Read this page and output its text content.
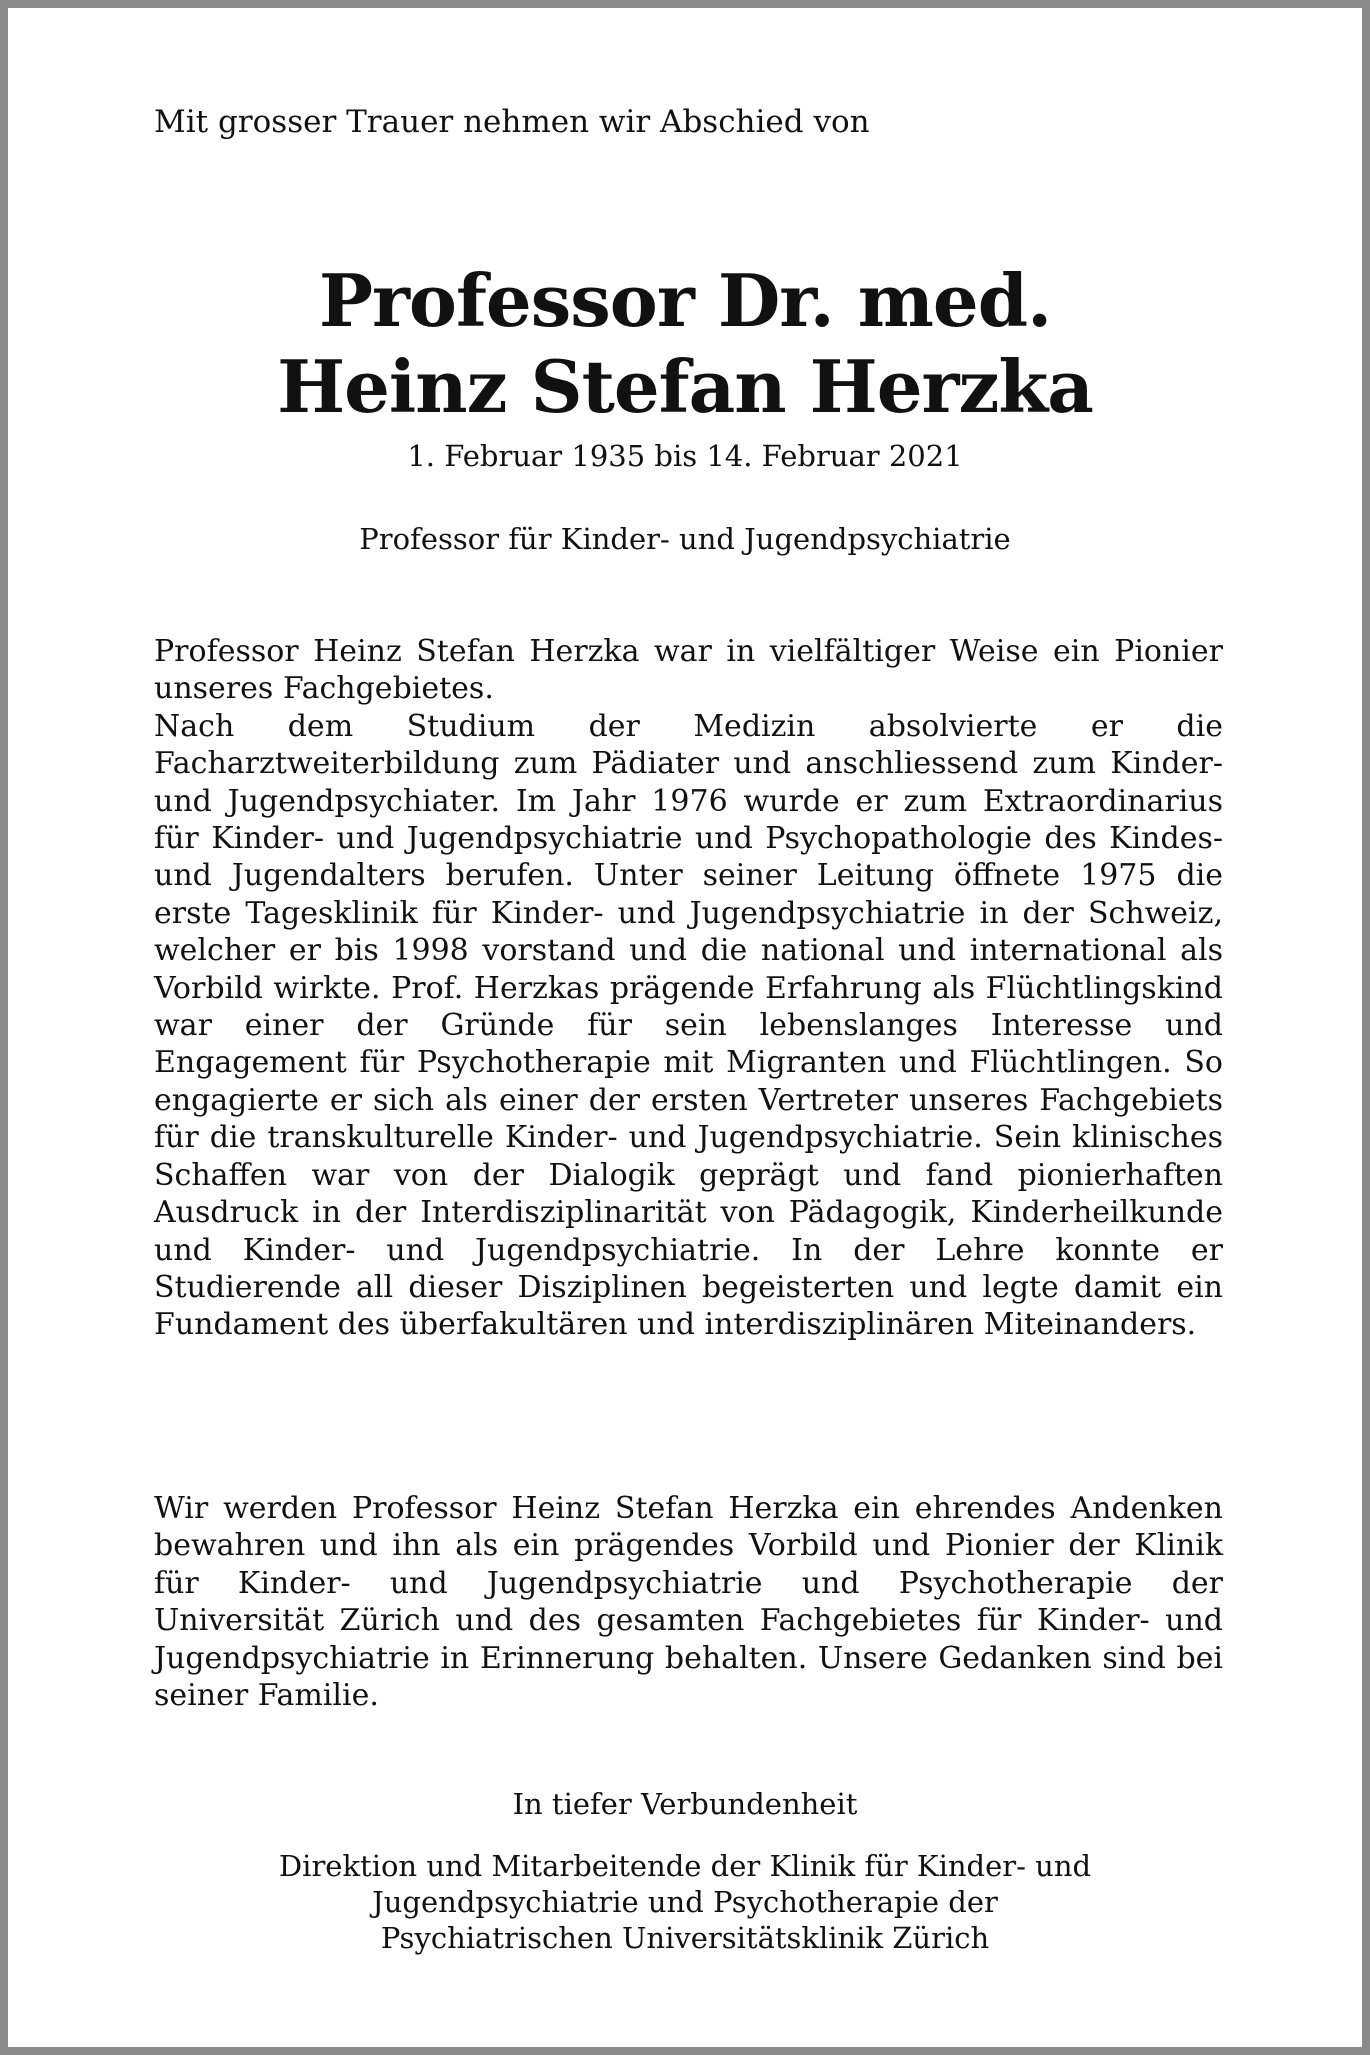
Mit grosser Trauer nehmen wir Abschied von
Professor Dr. med.
Heinz Stefan Herzka
1. Februar 1935 bis 14. Februar 2021
Professor für Kinder- und Jugendpsychiatrie
Professor Heinz Stefan Herzka war in vielfältiger Weise ein Pionier unseres Fachgebietes.
Nach dem Studium der Medizin absolvierte er die Facharztweiterbildung zum Pädiater und anschliessend zum Kinder- und Jugendpsychiater. Im Jahr 1976 wurde er zum Extraordinarius für Kinder- und Jugendpsychiatrie und Psychopathologie des Kindes- und Jugendalters berufen. Unter seiner Leitung öffnete 1975 die erste Tagesklinik für Kinder- und Jugendpsychiatrie in der Schweiz, welcher er bis 1998 vorstand und die national und international als Vorbild wirkte. Prof. Herzkas prägende Erfahrung als Flüchtlingskind war einer der Gründe für sein lebenslanges Interesse und Engagement für Psychotherapie mit Migranten und Flüchtlingen. So engagierte er sich als einer der ersten Vertreter unseres Fachgebiets für die transkulturelle Kinder- und Jugendpsychiatrie. Sein klinisches Schaffen war von der Dialogik geprägt und fand pionierhaften Ausdruck in der Interdisziplinarität von Pädagogik, Kinderheilkunde und Kinder- und Jugendpsychiatrie. In der Lehre konnte er Studierende all dieser Disziplinen begeisterten und legte damit ein Fundament des überfakultären und interdisziplinären Miteinanders.
Wir werden Professor Heinz Stefan Herzka ein ehrendes Andenken bewahren und ihn als ein prägendes Vorbild und Pionier der Klinik für Kinder- und Jugendpsychiatrie und Psychotherapie der Universität Zürich und des gesamten Fachgebietes für Kinder- und Jugendpsychiatrie in Erinnerung behalten. Unsere Gedanken sind bei seiner Familie.
In tiefer Verbundenheit
Direktion und Mitarbeitende der Klinik für Kinder- und
Jugendpsychiatrie und Psychotherapie der
Psychiatrischen Universitätsklinik Zürich
